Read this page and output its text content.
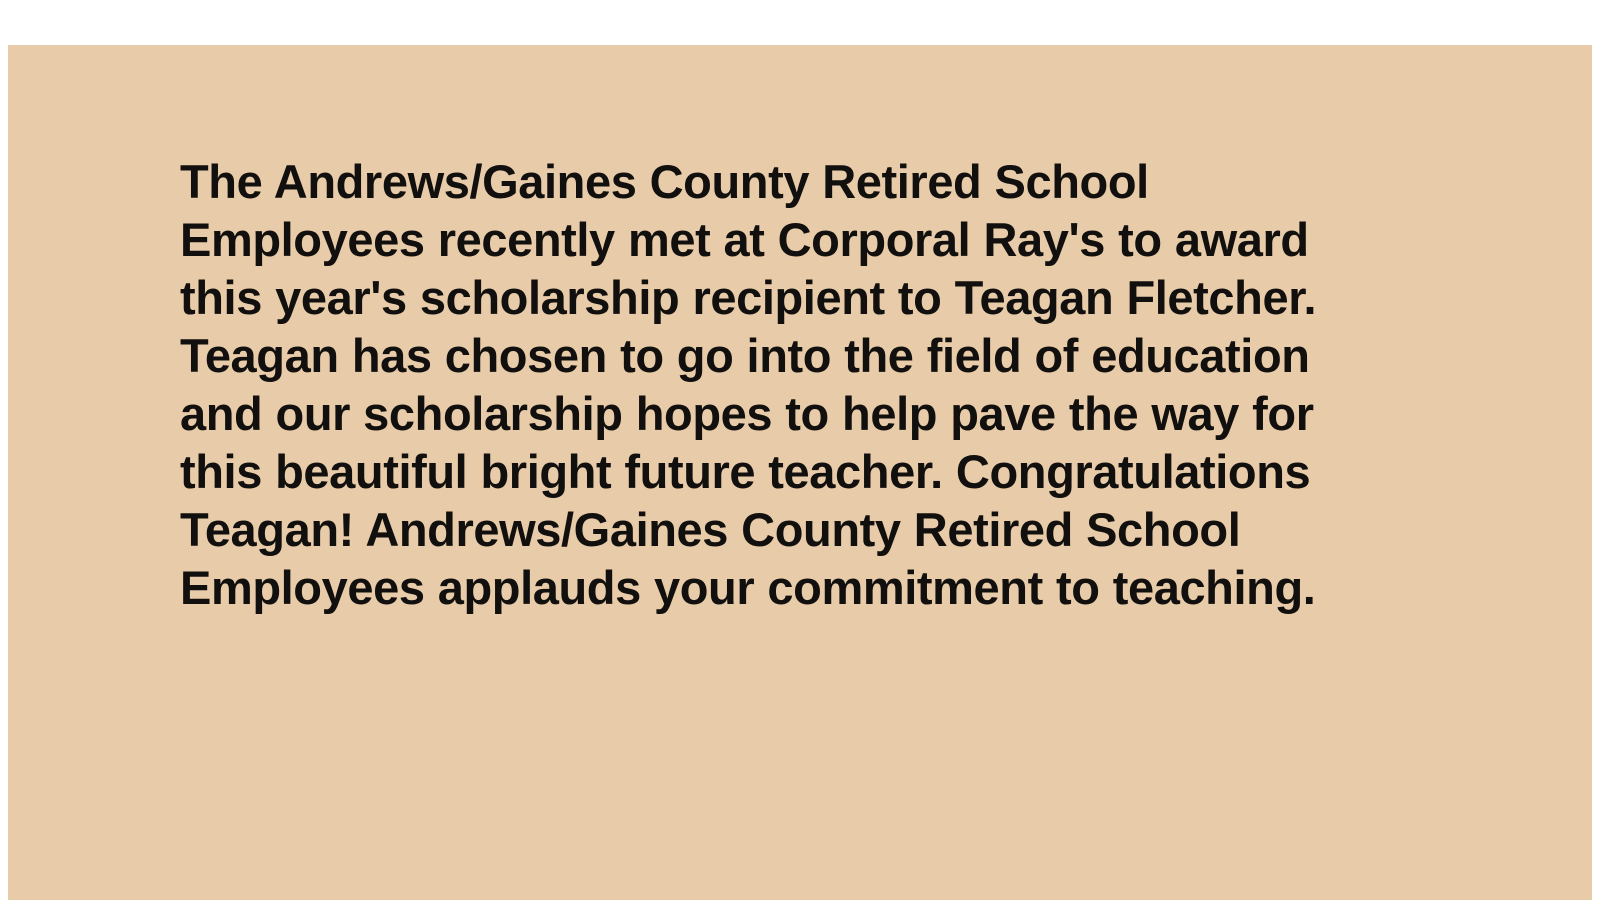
The Andrews/Gaines County Retired School Employees recently met at Corporal Ray's to award this year's scholarship recipient to Teagan Fletcher. Teagan has chosen to go into the field of education and our scholarship hopes to help pave the way for this beautiful bright future teacher. Congratulations Teagan! Andrews/Gaines County Retired School Employees applauds your commitment to teaching.
